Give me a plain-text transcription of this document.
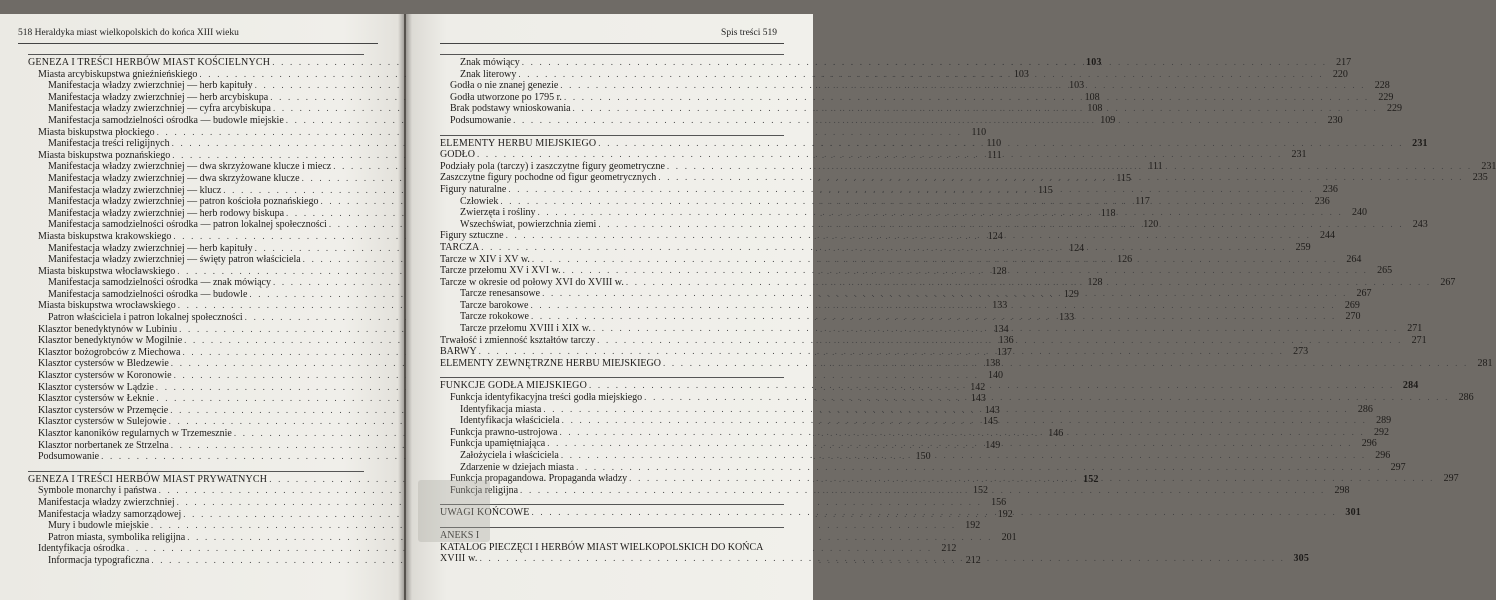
518 Heraldyka miast wielkopolskich do końca XIII wieku
GENEZA I TREŚCI HERBÓW MIAST KOŚCIELNYCH . . .	103
Miasta arcybiskupstwa gnieźnieńskiego . . .	103
Manifestacja władzy zwierzchniej — herb kapituły . . .	103
Manifestacja władzy zwierzchniej — herb arcybiskupa . . .	108
Manifestacja władzy zwierzchniej — cyfra arcybiskupa . . .	108
Manifestacja samodzielności ośrodka — budowle miejskie . . .	109
Miasta biskupstwa płockiego . . .	110
Manifestacja treści religijnych . . .	110
Miasta biskupstwa poznańskiego . . .	111
Manifestacja władzy zwierzchniej — dwa skrzyżowane klucze i miecz . . .	111
Manifestacja władzy zwierzchniej — dwa skrzyżowane klucze . . .	115
Manifestacja władzy zwierzchniej — klucz . . .	115
Manifestacja władzy zwierzchniej — patron kościoła poznańskiego . . .	117
Manifestacja władzy zwierzchniej — herb rodowy biskupa . . .	118
Manifestacja samodzielności ośrodka — patron lokalnej społeczności . . .	120
Miasta biskupstwa krakowskiego . . .	124
Manifestacja władzy zwierzchniej — herb kapituły . . .	124
Manifestacja władzy zwierzchniej — święty patron właściciela . . .	126
Miasta biskupstwa włocławskiego . . .	128
Manifestacja samodzielności ośrodka — znak mówiący . . .	128
Manifestacja samodzielności ośrodka — budowle . . .	129
Miasta biskupstwa wrocławskiego . . .	133
Patron właściciela i patron lokalnej społeczności . . .	133
Klasztor benedyktynów w Lubiniu . . .	134
Klasztor benedyktynów w Mogilnie . . .	136
Klasztor bożogrobców z Miechowa . . .	137
Klasztor cystersów w Bledzewie . . .	138
Klasztor cystersów w Koronowie . . .	140
Klasztor cystersów w Lądzie . . .	142
Klasztor cystersów w Łeknie . . .	143
Klasztor cystersów w Przemęcie . . .	143
Klasztor cystersów w Sulejowie . . .	145
Klasztor kanoników regularnych w Trzemesznie . . .	146
Klasztor norbertanek ze Strzelna . . .	149
Podsumowanie . . .	150
GENEZA I TREŚCI HERBÓW MIAST PRYWATNYCH . . .	152
Symbole monarchy i państwa . . .	152
Manifestacja władzy zwierzchniej . . .	156
Manifestacja władzy samorządowej . . .	192
Mury i budowle miejskie . . .	192
Patron miasta, symbolika religijna . . .	201
Identyfikacja ośrodka . . .	212
Informacja typograficzna . . .	212
Spis treści 519
Znak mówiący . . .	217
Znak literowy . . .	220
Godła o nie znanej genezie . . .	228
Godła utworzone po 1795 r. . . .	229
Brak podstawy wnioskowania . . .	229
Podsumowanie . . .	230
ELEMENTY HERBU MIEJSKIEGO . . .	231
GODŁO . . .	231
Podziały pola (tarczy) i zaszczytne figury geometryczne . . .	231
Zaszczytne figury pochodne od figur geometrycznych . . .	235
Figury naturalne . . .	236
Człowiek . . .	236
Zwierzęta i rośliny . . .	240
Wszechświat, powierzchnia ziemi . . .	243
Figury sztuczne . . .	244
TARCZA . . .	259
Tarcze w XIV i XV w. . . .	264
Tarcze przełomu XV i XVI w. . . .	265
Tarcze w okresie od połowy XVI do XVIII w. . . .	267
Tarcze renesansowe . . .	267
Tarcze barokowe . . .	269
Tarcze rokokowe . . .	270
Tarcze przełomu XVIII i XIX w. . . .	271
Trwałość i zmienność kształtów tarczy . . .	271
BARWY . . .	273
ELEMENTY ZEWNĘTRZNE HERBU MIEJSKIEGO . . .	281
FUNKCJE GODŁA MIEJSKIEGO . . .	284
Funkcja identyfikacyjna treści godła miejskiego . . .	286
Identyfikacja miasta . . .	286
Identyfikacja właściciela . . .	289
Funkcja prawno-ustrojowa . . .	292
Funkcja upamiętniająca . . .	296
Założyciela i właściciela . . .	296
Zdarzenie w dziejach miasta . . .	297
Funkcja propagandowa. Propaganda władzy . . .	297
Funkcja religijna . . .	298
UWAGI KOŃCOWE . . .	301
ANEKS I
KATALOG PIECZĘCI I HERBÓW MIAST WIELKOPOLSKICH DO KOŃCA
XVIII w. . . .	305
